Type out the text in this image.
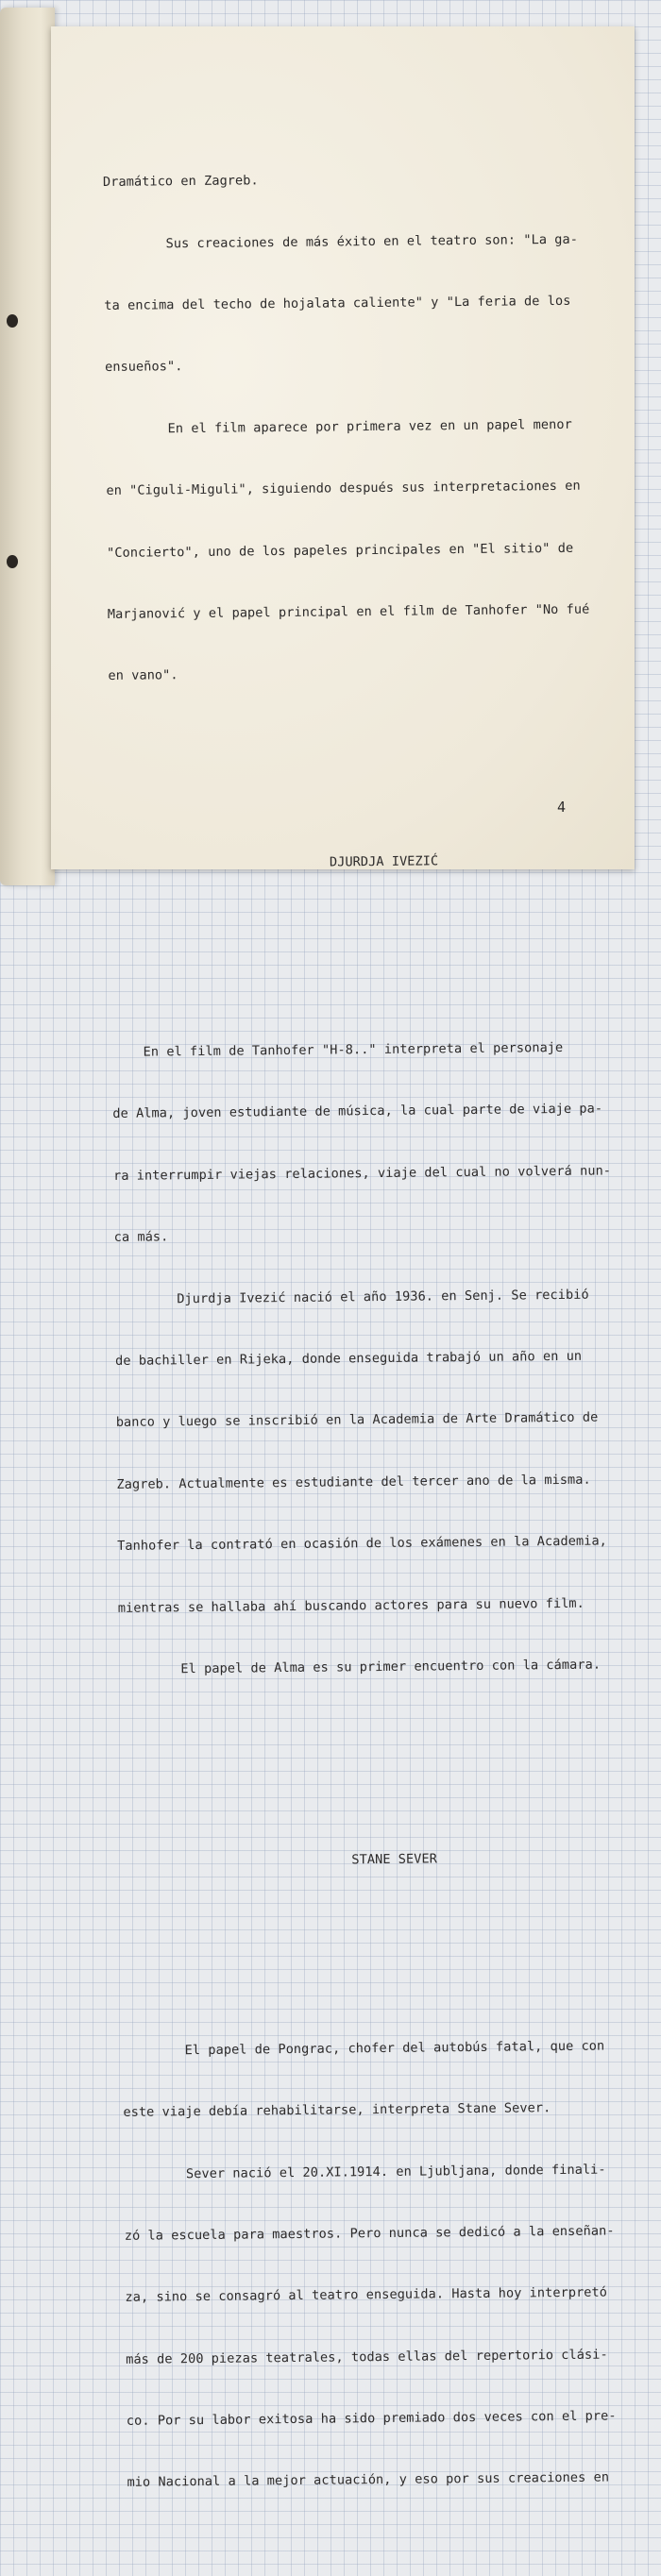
Dramático en Zagreb.

Sus creaciones de más éxito en el teatro son: "La ga-

ta encima del techo de hojalata caliente" y "La feria de los

ensueños".

En el film aparece por primera vez en un papel menor

en "Ciguli-Miguli", siguiendo después sus interpretaciones en

"Concierto", uno de los papeles principales en "El sitio" de

Marjanović y el papel principal en el film de Tanhofer "No fué

en vano".

DJURDJA IVEZIĆ

En el film de Tanhofer "H-8.." interpreta el personaje

de Alma, joven estudiante de música, la cual parte de viaje pa-

ra interrumpir viejas relaciones, viaje del cual no volverá nun-

ca más.

Djurdja Ivezić nació el año 1936. en Senj. Se recibió

de bachiller en Rijeka, donde enseguida trabajó un año en un

banco y luego se inscribió en la Academia de Arte Dramático de

Zagreb. Actualmente es estudiante del tercer ano de la misma.

Tanhofer la contrató en ocasión de los exámenes en la Academia,

mientras se hallaba ahí buscando actores para su nuevo film.

El papel de Alma es su primer encuentro con la cámara.

STANE SEVER

El papel de Pongrac, chofer del autobús fatal, que con

este viaje debía rehabilitarse, interpreta Stane Sever.

Sever nació el 20.XI.1914. en Ljubljana, donde finali-

zó la escuela para maestros. Pero nunca se dedicó a la enseñan-

za, sino se consagró al teatro enseguida. Hasta hoy interpretó

más de 200 piezas teatrales, todas ellas del repertorio clási-

co. Por su labor exitosa ha sido premiado dos veces con el pre-

mio Nacional a la mejor actuación, y eso por sus creaciones en

4
